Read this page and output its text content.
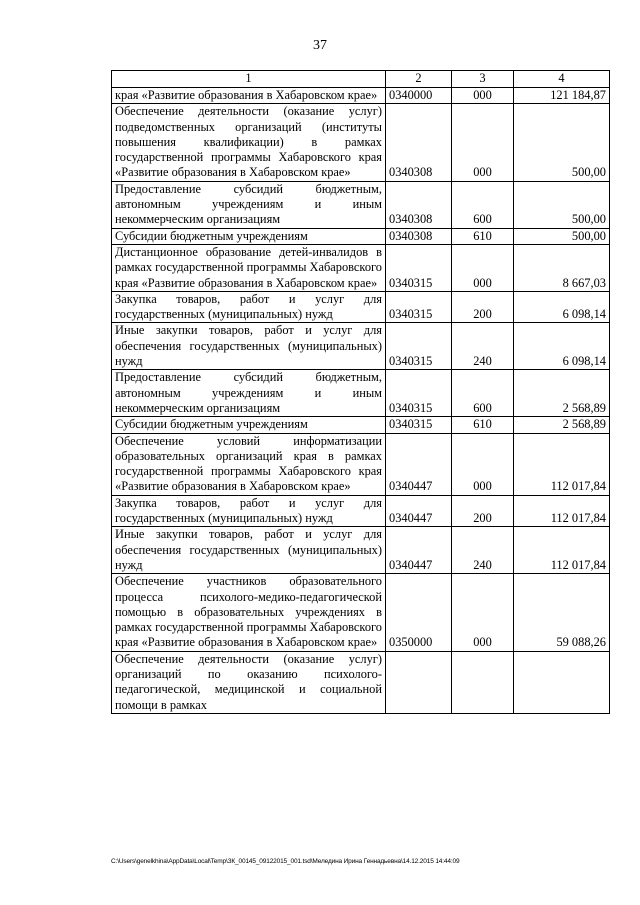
37
1	2	3	4
края «Развитие образования в Хабаровском крае»	0340000	000	121 184,87
Обеспечение деятельности (оказание услуг) подведомственных организаций (институты повышения квалификации) в рамках государственной программы Хабаровского края «Развитие образования в Хабаровском крае»	0340308	000	500,00
Предоставление субсидий бюджетным, автономным учреждениям и иным некоммерческим организациям	0340308	600	500,00
Субсидии бюджетным учреждениям	0340308	610	500,00
Дистанционное образование детей-инвалидов в рамках государственной программы Хабаровского края «Развитие образования в Хабаровском крае»	0340315	000	8 667,03
Закупка товаров, работ и услуг для государственных (муниципальных) нужд	0340315	200	6 098,14
Иные закупки товаров, работ и услуг для обеспечения государственных (муниципальных) нужд	0340315	240	6 098,14
Предоставление субсидий бюджетным, автономным учреждениям и иным некоммерческим организациям	0340315	600	2 568,89
Субсидии бюджетным учреждениям	0340315	610	2 568,89
Обеспечение условий информатизации образовательных организаций края в рамках государственной программы Хабаровского края «Развитие образования в Хабаровском крае»	0340447	000	112 017,84
Закупка товаров, работ и услуг для государственных (муниципальных) нужд	0340447	200	112 017,84
Иные закупки товаров, работ и услуг для обеспечения государственных (муниципальных) нужд	0340447	240	112 017,84
Обеспечение участников образовательного процесса психолого-медико-педагогической помощью в образовательных учреждениях в рамках государственной программы Хабаровского края «Развитие образования в Хабаровском крае»	0350000	000	59 088,26
Обеспечение деятельности (оказание услуг) организаций по оказанию психолого-педагогической, медицинской и социальной помощи в рамках			
C:\Users\genelkhina\AppData\Local\Temp\ЗК_00145_09122015_001.tsd\Меледина Ирина Геннадьевна\14.12.2015 14:44:09
